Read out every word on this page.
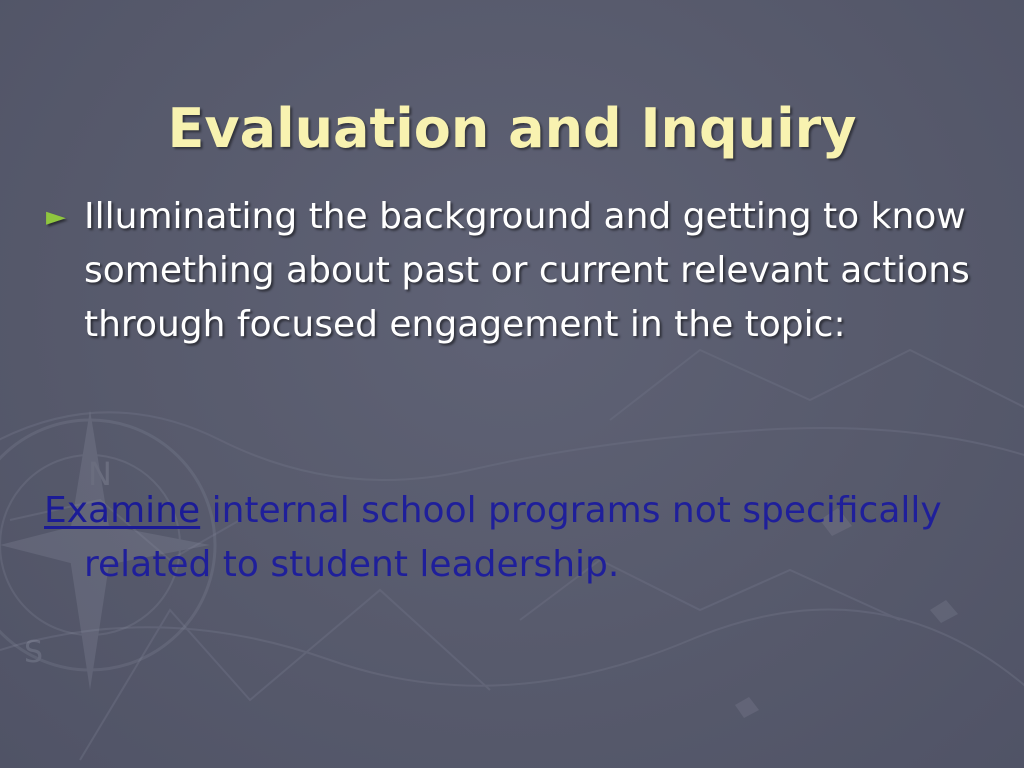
N
S
Evaluation and Inquiry
► Illuminating the background and getting to know something about past or current relevant actions through focused engagement in the topic:
Examine internal school programs not specifically related to student leadership.
